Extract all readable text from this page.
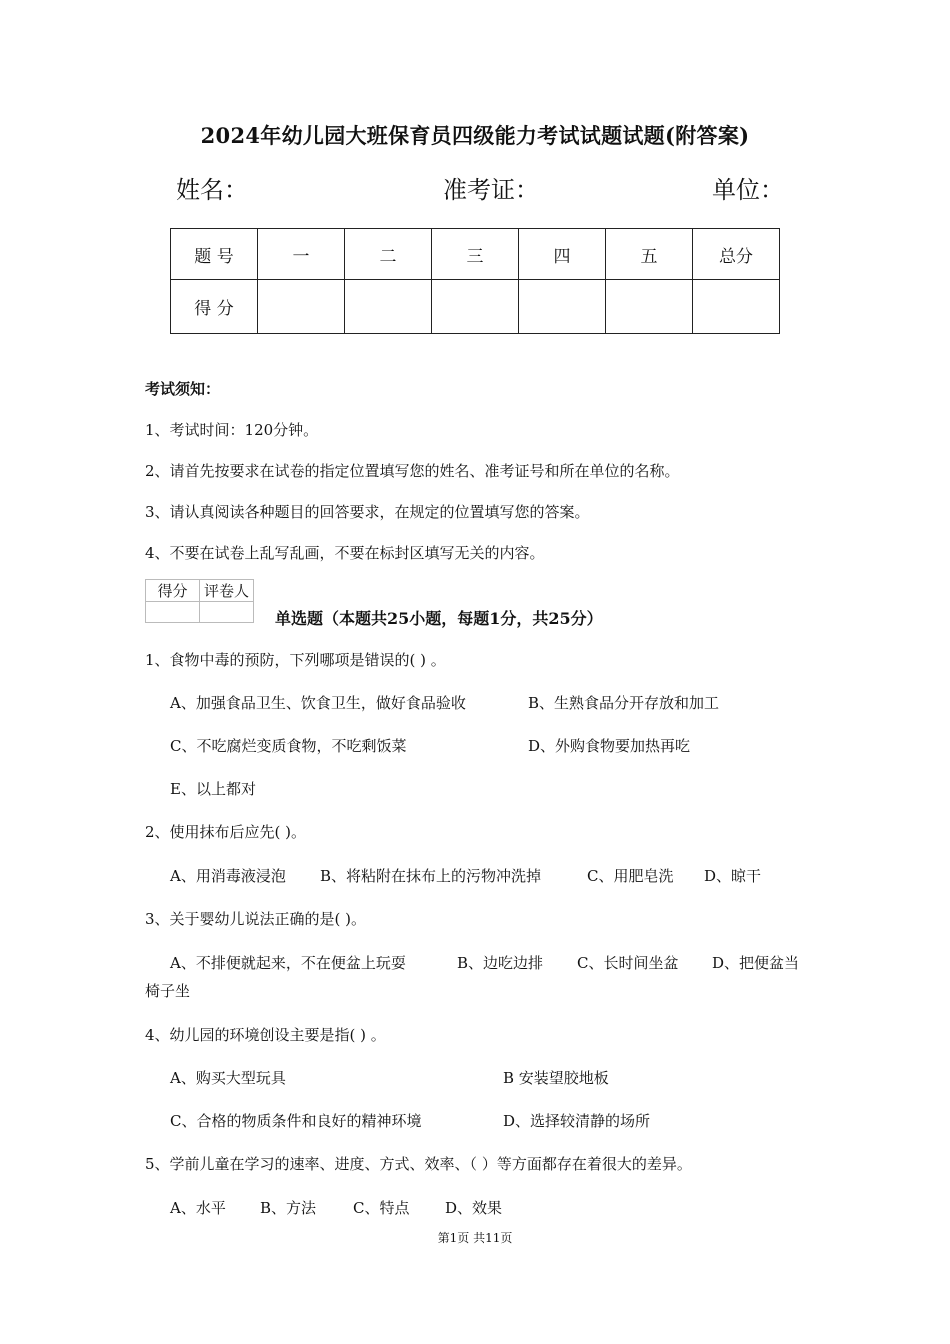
2024年幼儿园大班保育员四级能力考试试题试题(附答案)
姓名：	准考证：	单位：
题 号	一	二	三	四	五	总分
得 分						
考试须知：
1、考试时间：120分钟。
2、请首先按要求在试卷的指定位置填写您的姓名、准考证号和所在单位的名称。
3、请认真阅读各种题目的回答要求，在规定的位置填写您的答案。
4、不要在试卷上乱写乱画，不要在标封区填写无关的内容。
得分	评卷人

单选题（本题共25小题，每题1分，共25分）
1、食物中毒的预防，下列哪项是错误的( ) 。
A、加强食品卫生、饮食卫生，做好食品验收	B、生熟食品分开存放和加工
C、不吃腐烂变质食物，不吃剩饭菜	D、外购食物要加热再吃
E、以上都对
2、使用抹布后应先( )。
A、用消毒液浸泡 B、将粘附在抹布上的污物冲洗掉	C、用肥皂洗 D、晾干
3、关于婴幼儿说法正确的是( )。
A、不排便就起来，不在便盆上玩耍	B、边吃边排 C、长时间坐盆 D、把便盆当
椅子坐
4、幼儿园的环境创设主要是指( ) 。
A、购买大型玩具	B 安装望胶地板
C、合格的物质条件和良好的精神环境	D、选择较清静的场所
5、学前儿童在学习的速率、进度、方式、效率、（ ）等方面都存在着很大的差异。
A、水平 B、方法 C、特点 D、效果
第1页 共11页
